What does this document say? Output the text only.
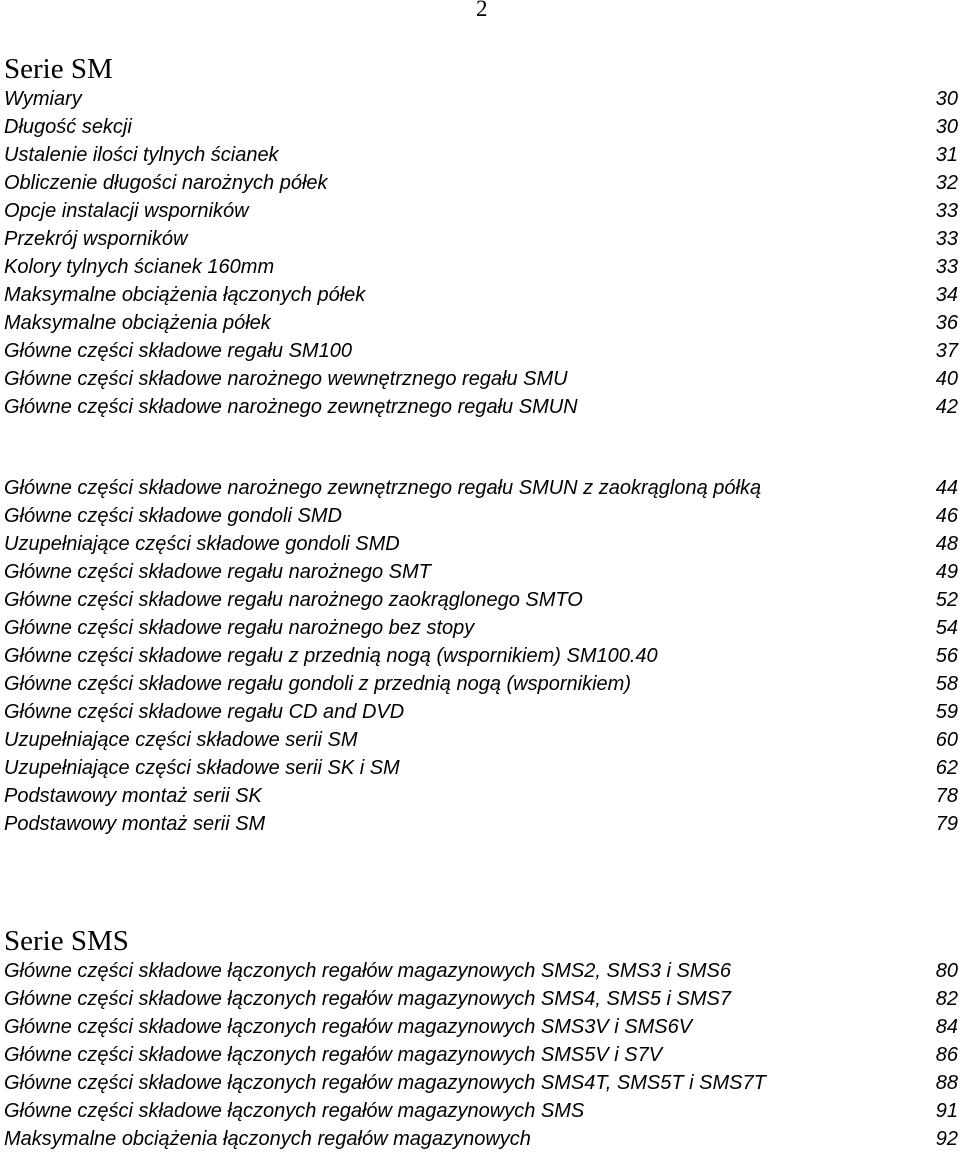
2
Serie SM
Wymiary	30
Długość sekcji	30
Ustalenie ilości tylnych ścianek	31
Obliczenie długości narożnych półek	32
Opcje instalacji wsporników	33
Przekrój wsporników	33
Kolory tylnych ścianek 160mm	33
Maksymalne obciążenia łączonych półek	34
Maksymalne obciążenia półek	36
Główne części składowe regału SM100	37
Główne części składowe narożnego wewnętrznego regału SMU	40
Główne części składowe narożnego zewnętrznego regału SMUN	42
Główne części składowe narożnego zewnętrznego regału SMUN z zaokrągloną półką	44
Główne części składowe gondoli SMD	46
Uzupełniające części składowe gondoli SMD	48
Główne części składowe regału narożnego SMT	49
Główne części składowe regału narożnego zaokrąglonego SMTO	52
Główne części składowe regału narożnego bez stopy	54
Główne części składowe regału z przednią nogą (wspornikiem) SM100.40	56
Główne części składowe regału gondoli z przednią nogą (wspornikiem)	58
Główne części składowe regału CD and DVD	59
Uzupełniające części składowe serii SM	60
Uzupełniające części składowe serii SK i SM	62
Podstawowy montaż serii SK	78
Podstawowy montaż serii SM	79
Serie SMS
Główne części składowe łączonych regałów magazynowych SMS2, SMS3 i SMS6	80
Główne części składowe łączonych regałów magazynowych SMS4, SMS5 i SMS7	82
Główne części składowe łączonych regałów magazynowych SMS3V i SMS6V	84
Główne części składowe łączonych regałów magazynowych SMS5V i S7V	86
Główne części składowe łączonych regałów magazynowych SMS4T, SMS5T i SMS7T	88
Główne części składowe łączonych regałów magazynowych SMS	91
Maksymalne obciążenia łączonych regałów magazynowych	92
